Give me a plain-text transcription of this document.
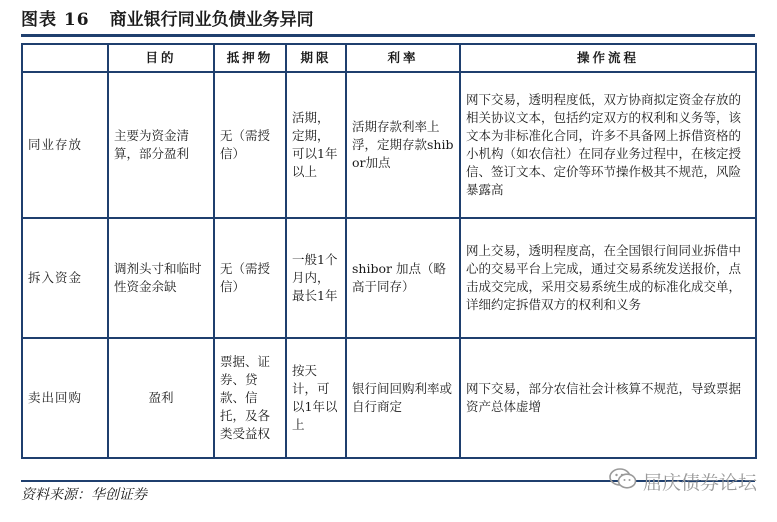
图表 16 商业银行同业负债业务异同
	目的	抵押物	期限	利率	操作流程
同业存放	主要为资金清算，部分盈利	无（需授信）	活期，定期，可以1年以上	活期存款利率上浮，定期存款shibor加点	网下交易，透明程度低，双方协商拟定资金存放的相关协议文本，包括约定双方的权利和义务等，该文本为非标准化合同，许多不具备网上拆借资格的小机构（如农信社）在同存业务过程中，在核定授信、签订文本、定价等环节操作极其不规范，风险暴露高
拆入资金	调剂头寸和临时性资金余缺	无（需授信）	一般1个月内，最长1年	shibor 加点（略高于同存）	网上交易，透明程度高，在全国银行间同业拆借中心的交易平台上完成，通过交易系统发送报价，点击成交完成，采用交易系统生成的标准化成交单，详细约定拆借双方的权利和义务
卖出回购	盈利	票据、证券、贷款、信托，及各类受益权	按天计，可以1年以上	银行间回购利率或自行商定	网下交易，部分农信社会计核算不规范，导致票据资产总体虚增
资料来源：华创证券
屈庆债券论坛
